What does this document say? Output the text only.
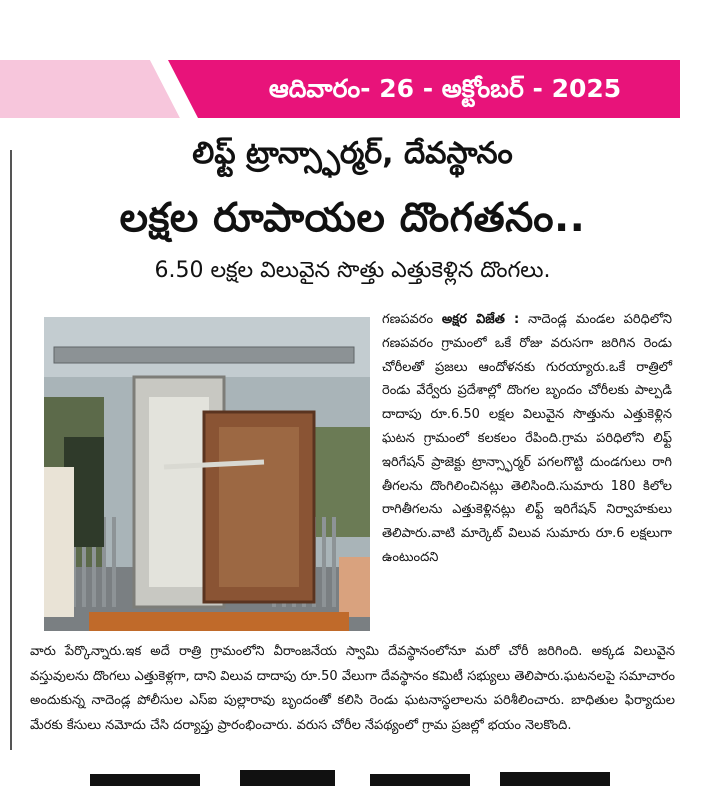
ఆదివారం- 26 - అక్టోంబర్ - 2025
లిఫ్ట్ ట్రాన్స్ఫార్మర్, దేవస్థానం
లక్షల రూపాయల దొంగతనం..
6.50 లక్షల విలువైన సొత్తు ఎత్తుకెళ్లిన దొంగలు.
గణపవరం అక్షర విజేత : నాదెండ్ల మండల పరిధిలోని గణపవరం గ్రామంలో ఒకే రోజు వరుసగా జరిగిన రెండు చోరీలతో ప్రజలు ఆందోళనకు గురయ్యారు.ఒకే రాత్రిలో రెండు వేర్వేరు ప్రదేశాల్లో దొంగల బృందం చోరీలకు పాల్పడి దాదాపు రూ.6.50 లక్షల విలువైన సొత్తును ఎత్తుకెళ్లిన ఘటన గ్రామంలో కలకలం రేపింది.గ్రామ పరిధిలోని లిఫ్ట్ ఇరిగేషన్ ప్రాజెక్టు ట్రాన్స్ఫార్మర్ పగలగొట్టి దుండగులు రాగి తీగలను దొంగిలించినట్లు తెలిసింది.సుమారు 180 కిలోల రాగితీగలను ఎత్తుకెళ్లినట్లు లిఫ్ట్ ఇరిగేషన్ నిర్వాహకులు తెలిపారు.వాటి మార్కెట్ విలువ సుమారు రూ.6 లక్షలుగా ఉంటుందని
వారు పేర్కొన్నారు.ఇక అదే రాత్రి గ్రామంలోని వీరాంజనేయ స్వామి దేవస్థానంలోనూ మరో చోరీ జరిగింది. అక్కడ విలువైన వస్తువులను దొంగలు ఎత్తుకెళ్లగా, దాని విలువ దాదాపు రూ.50 వేలుగా దేవస్థానం కమిటీ సభ్యులు తెలిపారు.ఘటనలపై సమాచారం అందుకున్న నాదెండ్ల పోలీసుల ఎస్ఐ పుల్లారావు బృందంతో కలిసి రెండు ఘటనాస్థలాలను పరిశీలించారు. బాధితుల ఫిర్యాదుల మేరకు కేసులు నమోదు చేసి దర్యాప్తు ప్రారంభించారు. వరుస చోరీల నేపథ్యంలో గ్రామ ప్రజల్లో భయం నెలకొంది.
